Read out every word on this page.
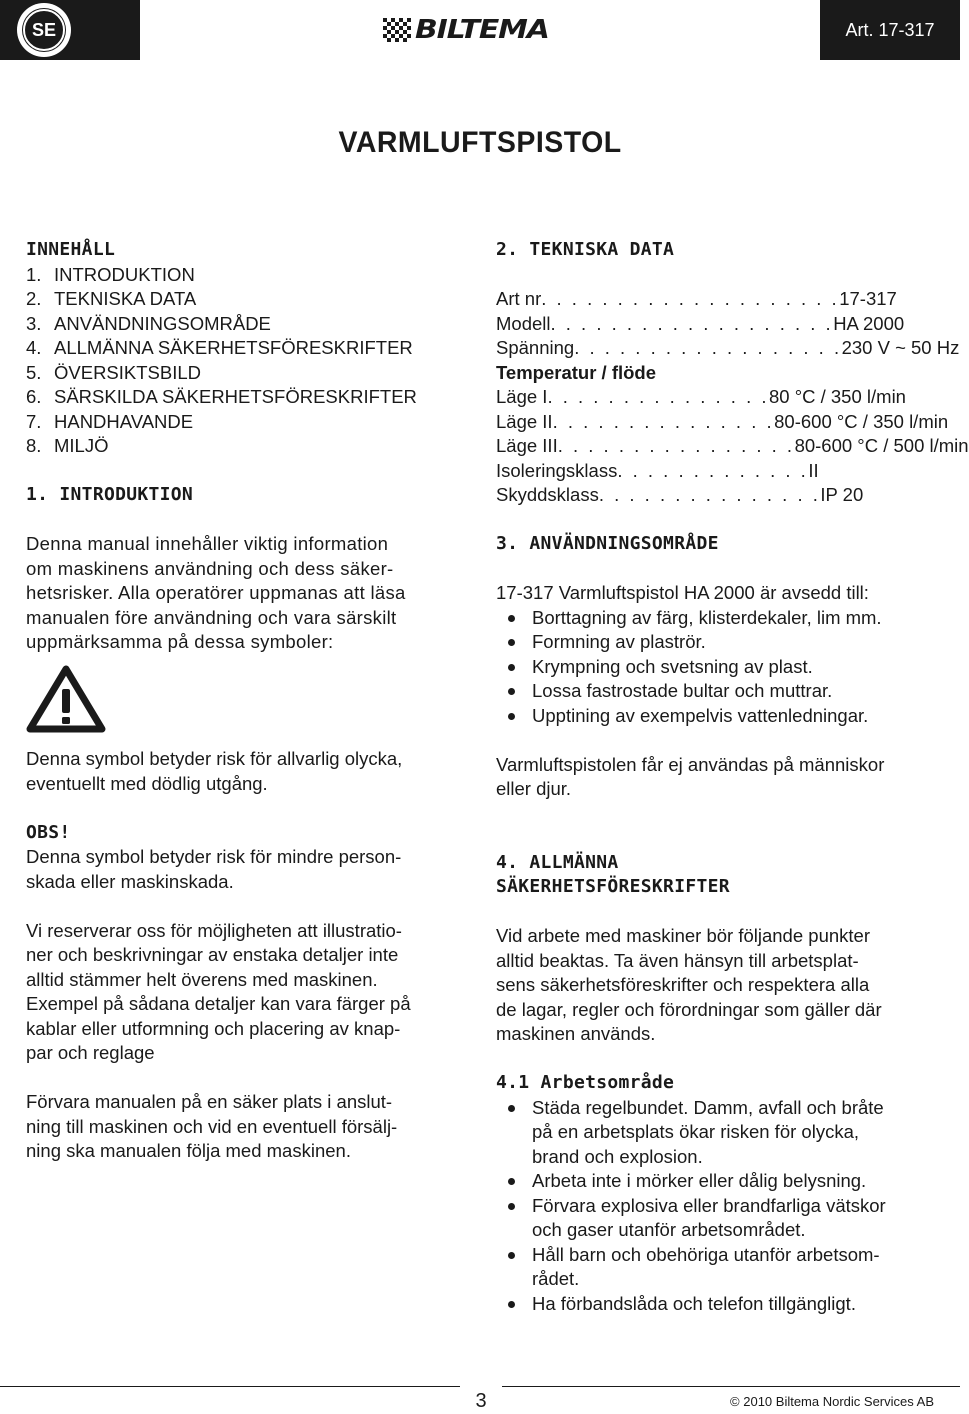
SE	BILTEMA	Art. 17-317
VARMLUFTSPISTOL
INNEHÅLL
1. INTRODUKTION
2. TEKNISKA DATA
3. ANVÄNDNINGSOMRÅDE
4. ALLMÄNNA SÄKERHETSFÖRESKRIFTER
5. ÖVERSIKTSBILD
6. SÄRSKILDA SÄKERHETSFÖRESKRIFTER
7. HANDHAVANDE
8. MILJÖ
1. INTRODUKTION

Denna manual innehåller viktig information

om maskinens användning och dess säker-

hetsrisker. Alla operatörer uppmanas att läsa

manualen före användning och vara särskilt

uppmärksamma på dessa symboler:

Denna symbol betyder risk för allvarlig olycka,

eventuellt med dödlig utgång.

OBS!

Denna symbol betyder risk för mindre person-

skada eller maskinskada.

Vi reserverar oss för möjligheten att illustratio-

ner och beskrivningar av enstaka detaljer inte

alltid stämmer helt överens med maskinen.

Exempel på sådana detaljer kan vara färger på

kablar eller utformning och placering av knap-

par och reglage

Förvara manualen på en säker plats i anslut-

ning till maskinen och vid en eventuell försälj-

ning ska manualen följa med maskinen.

2. TEKNISKA DATA
Art nr . . . . . . . . . . . . . . . . . . . . 17-317
Modell . . . . . . . . . . . . . . . . . . . HA 2000
Spänning . . . . . . . . . . . . . . . . . . 230 V ~ 50 Hz
Temperatur / flöde
Läge I . . . . . . . . . . . . . . . 80 °C / 350 l/min
Läge II . . . . . . . . . . . . . . . 80-600 °C / 350 l/min
Läge III . . . . . . . . . . . . . . . . 80-600 °C / 500 l/min
Isoleringsklass . . . . . . . . . . . . . II
Skyddsklass . . . . . . . . . . . . . . . IP 20
3. ANVÄNDNINGSOMRÅDE

17-317 Varmluftspistol HA 2000 är avsedd till:

Borttagning av färg, klisterdekaler, lim mm.
Formning av plaströr.
Krympning och svetsning av plast.
Lossa fastrostade bultar och muttrar.
Upptining av exempelvis vattenledningar.

Varmluftspistolen får ej användas på människor

eller djur.

4. ALLMÄNNA
SÄKERHETSFÖRESKRIFTER

Vid arbete med maskiner bör följande punkter

alltid beaktas. Ta även hänsyn till arbetsplat-

sens säkerhetsföreskrifter och respektera alla

de lagar, regler och förordningar som gäller där

maskinen används.

4.1 Arbetsområde
Städa regelbundet. Damm, avfall och bråte
på en arbetsplats ökar risken för olycka,
brand och explosion.
Arbeta inte i mörker eller dålig belysning.
Förvara explosiva eller brandfarliga vätskor
och gaser utanför arbetsområdet.
Håll barn och obehöriga utanför arbetsom-
rådet.
Ha förbandslåda och telefon tillgängligt.
3	© 2010 Biltema Nordic Services AB
